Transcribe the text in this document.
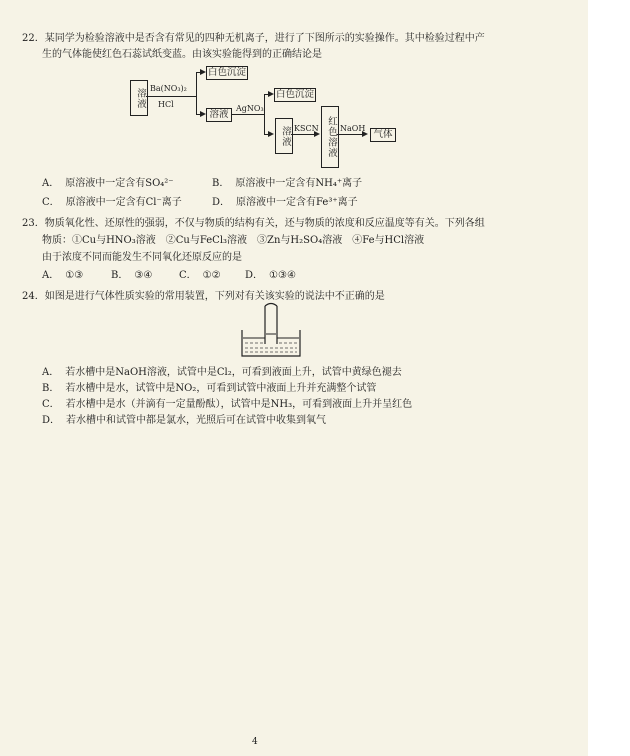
22．某同学为检验溶液中是否含有常见的四种无机离子，进行了下图所示的实验操作。其中检验过程中产
生的气体能使红色石蕊试纸变蓝。由该实验能得到的正确结论是
溶液 Ba(NO₃)₂
HCl
白色沉淀
溶液
AgNO₃
白色沉淀
溶液 KSCN 红色溶液 NaOH
气体
A． 原溶液中一定含有SO₄²⁻	B． 原溶液中一定含有NH₄⁺离子
C． 原溶液中一定含有Cl⁻离子	D． 原溶液中一定含有Fe³⁺离子
23．物质氧化性、还原性的强弱，不仅与物质的结构有关，还与物质的浓度和反应温度等有关。下列各组
物质：①Cu与HNO₃溶液　②Cu与FeCl₃溶液　③Zn与H₂SO₄溶液　④Fe与HCl溶液
由于浓度不同而能发生不同氧化还原反应的是
A． ①③	B． ③④	C． ①② D． ①③④
24．如图是进行气体性质实验的常用装置，下列对有关该实验的说法中不正确的是
A． 若水槽中是NaOH溶液，试管中是Cl₂，可看到液面上升，试管中黄绿色褪去
B． 若水槽中是水，试管中是NO₂，可看到试管中液面上升并充满整个试管
C． 若水槽中是水（并滴有一定量酚酞），试管中是NH₃，可看到液面上升并呈红色
D． 若水槽中和试管中都是氯水，光照后可在试管中收集到氧气
4
